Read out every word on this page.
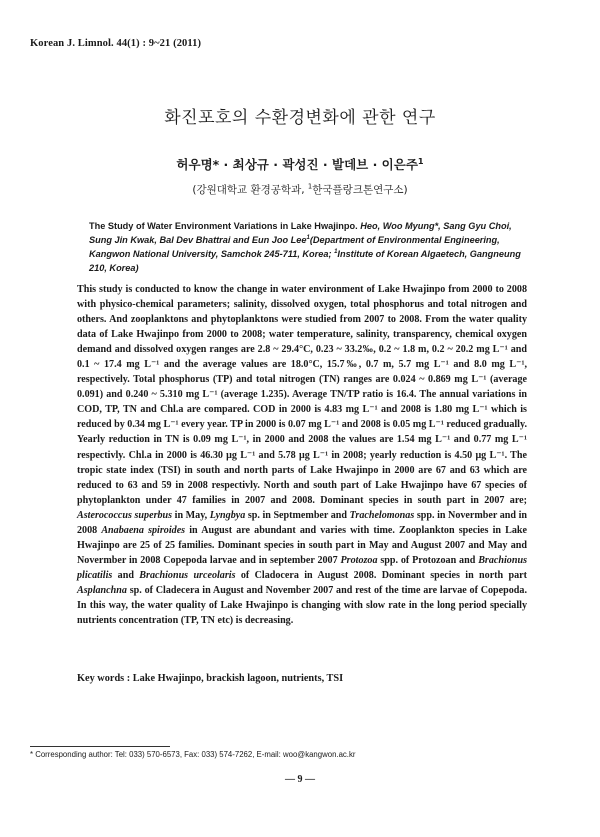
Korean J. Limnol. 44(1) : 9~21 (2011)
화진포호의 수환경변화에 관한 연구
허우명* · 최상규 · 곽성진 · 발데브 · 이은주$^1$
(강원대학교 환경공학과, $^1$한국플랑크톤연구소)
The Study of Water Environment Variations in Lake Hwajinpo. Heo, Woo Myung*, Sang Gyu Choi, Sung Jin Kwak, Bal Dev Bhattrai and Eun Joo Lee$^1$(Department of Environmental Engineering, Kangwon National University, Samchok 245-711, Korea; $^1$Institute of Korean Algaetech, Gangneung 210, Korea)
This study is conducted to know the change in water environment of Lake Hwajinpo from 2000 to 2008 with physico-chemical parameters; salinity, dissolved oxygen, total phosphorus and total nitrogen and others. And zooplanktons and phytoplanktons were studied from 2007 to 2008. From the water quality data of Lake Hwajinpo from 2000 to 2008; water temperature, salinity, transparency, chemical oxygen demand and dissolved oxygen ranges are 2.8 ~ 29.4°C, 0.23 ~ 33.2‰, 0.2 ~ 1.8 m, 0.2 ~ 20.2 mg L⁻¹ and 0.1 ~ 17.4 mg L⁻¹ and the average values are 18.0°C, 15.7‰, 0.7 m, 5.7 mg L⁻¹ and 8.0 mg L⁻¹, respectively. Total phosphorus (TP) and total nitrogen (TN) ranges are 0.024 ~ 0.869 mg L⁻¹ (average 0.091) and 0.240 ~ 5.310 mg L⁻¹ (average 1.235). Average TN/TP ratio is 16.4. The annual variations in COD, TP, TN and Chl.a are compared. COD in 2000 is 4.83 mg L⁻¹ and 2008 is 1.80 mg L⁻¹ which is reduced by 0.34 mg L⁻¹ every year. TP in 2000 is 0.07 mg L⁻¹ and 2008 is 0.05 mg L⁻¹ reduced gradually. Yearly reduction in TN is 0.09 mg L⁻¹, in 2000 and 2008 the values are 1.54 mg L⁻¹ and 0.77 mg L⁻¹ respectivly. Chl.a in 2000 is 46.30 μg L⁻¹ and 5.78 μg L⁻¹ in 2008; yearly reduction is 4.50 μg L⁻¹. The tropic state index (TSI) in south and north parts of Lake Hwajinpo in 2000 are 67 and 63 which are reduced to 63 and 59 in 2008 respectivly. North and south part of Lake Hwajinpo have 67 species of phytoplankton under 47 families in 2007 and 2008. Dominant species in south part in 2007 are; Asterococcus superbus in May, Lyngbya sp. in Septmember and Trachelomonas spp. in Novermber and in 2008 Anabaena spiroides in August are abundant and varies with time. Zooplankton species in Lake Hwajinpo are 25 of 25 families. Dominant species in south part in May and August 2007 and May and Novermber in 2008 Copepoda larvae and in september 2007 Protozoa spp. of Protozoan and Brachionus plicatilis and Brachionus urceolaris of Cladocera in August 2008. Dominant species in north part Asplanchna sp. of Cladecera in August and November 2007 and rest of the time are larvae of Copepoda. In this way, the water quality of Lake Hwajinpo is changing with slow rate in the long period specially nutrients concentration (TP, TN etc) is decreasing.
Key words : Lake Hwajinpo, brackish lagoon, nutrients, TSI
* Corresponding author: Tel: 033) 570-6573, Fax: 033) 574-7262, E-mail: woo@kangwon.ac.kr
— 9 —
